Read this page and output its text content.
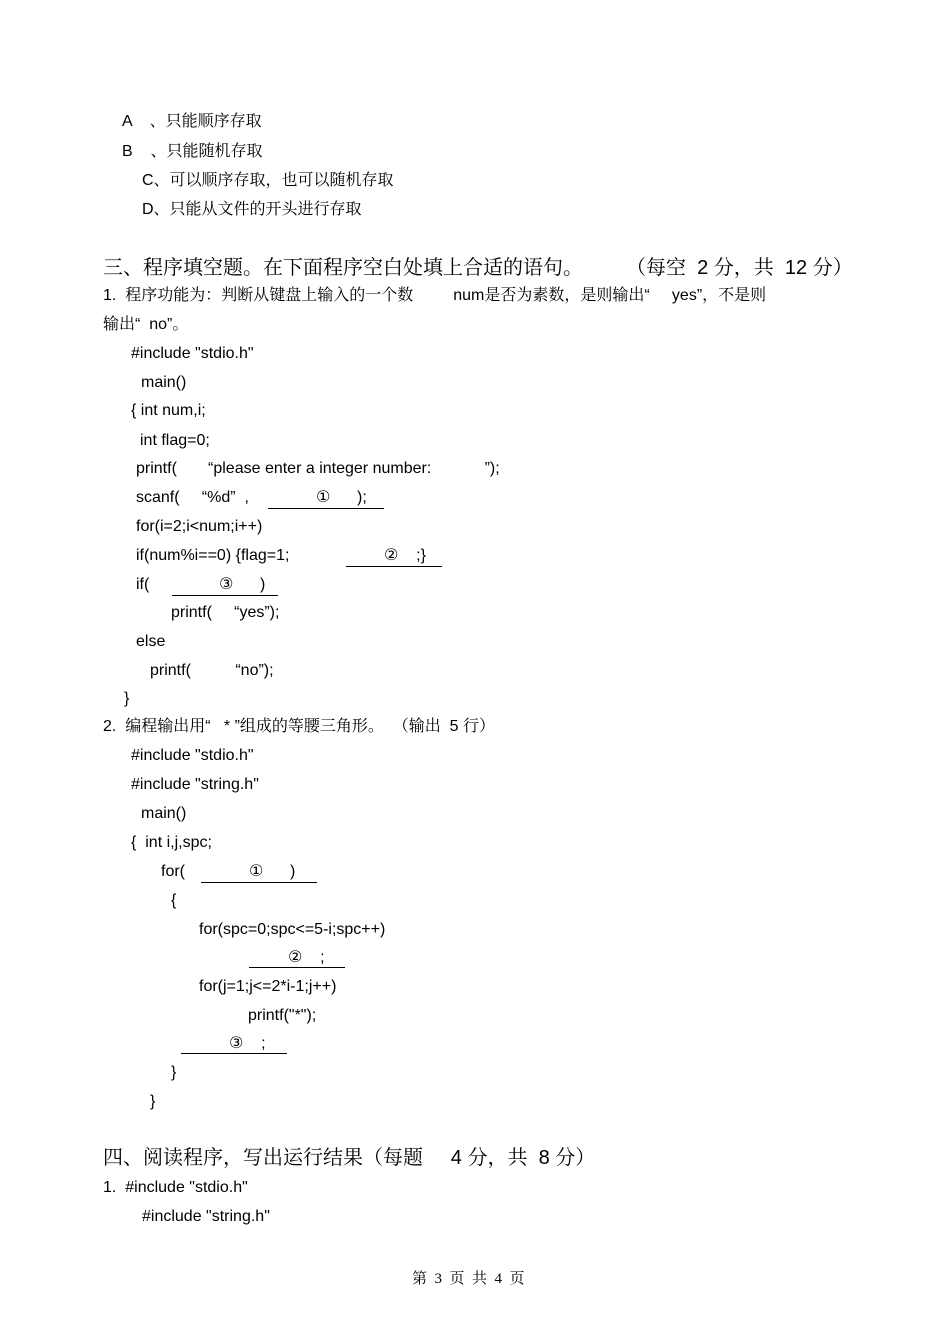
A    、只能顺序存取
B    、只能随机存取
C、可以顺序存取，也可以随机存取
D、只能从文件的开头进行存取
三、程序填空题。在下面程序空白处填上合适的语句。 （每空  2 分，共  12 分）
1.  程序功能为：判断从键盘上输入的一个数         num是否为素数，是则输出“     yes”，不是则
输出“  no”。
#include "stdio.h"
main()
{ int num,i;
int flag=0;
printf(       “please enter a integer number:            ”);
scanf(     “%d”  ,	①      );
for(i=2;i<num;i++)
if(num%i==0) {flag=1;	②    ;}
if(	③      )
printf(     “yes”);
else
printf(          “no”);
}
2.  编程输出用“   * ”组成的等腰三角形。  （输出  5 行）
#include "stdio.h"
#include "string.h"
main()
{  int i,j,spc;
for(	①      )
{
for(spc=0;spc<=5-i;spc++)
②    ;
for(j=1;j<=2*i-1;j++)
printf("*");
③    ;
}
}
四、阅读程序，写出运行结果（每题     4 分，共  8 分）
1.  #include "stdio.h"
#include "string.h"
第  3  页  共  4  页
